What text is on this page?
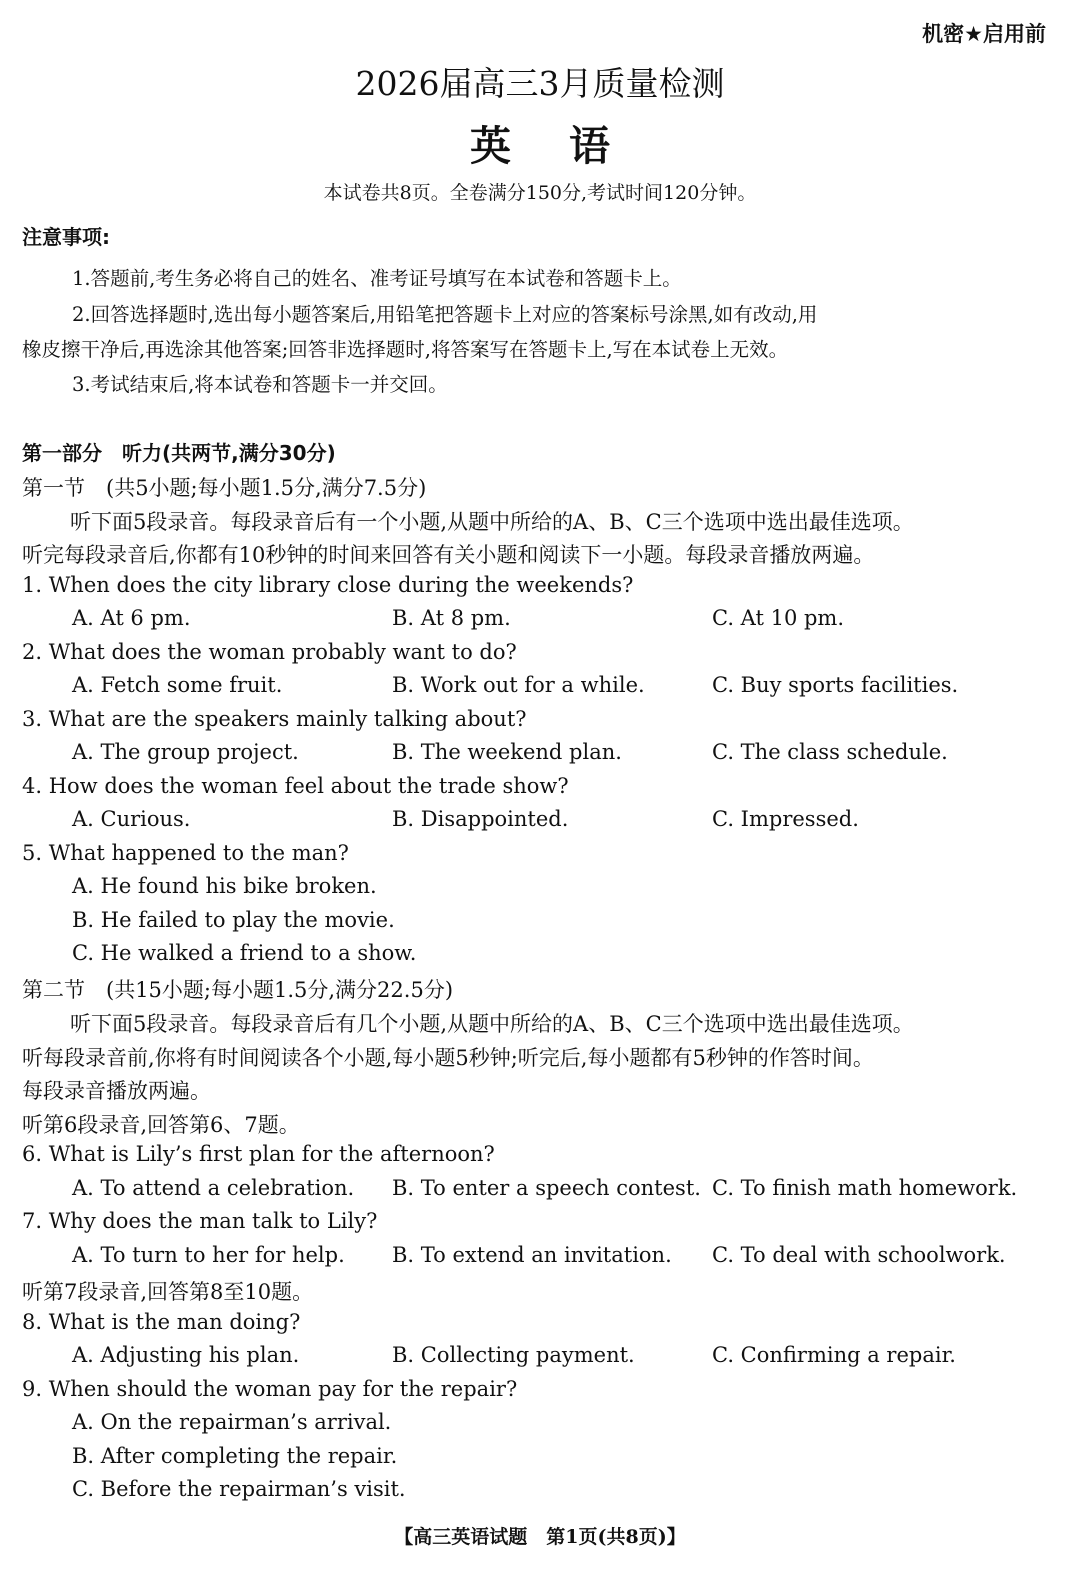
机密★启用前
2026届高三3月质量检测
英语
本试卷共8页。全卷满分150分,考试时间120分钟。
注意事项:
1.答题前,考生务必将自己的姓名、准考证号填写在本试卷和答题卡上。
2.回答选择题时,选出每小题答案后,用铅笔把答题卡上对应的答案标号涂黑,如有改动,用
橡皮擦干净后,再选涂其他答案;回答非选择题时,将答案写在答题卡上,写在本试卷上无效。
3.考试结束后,将本试卷和答题卡一并交回。
第一部分　听力(共两节,满分30分)
第一节　(共5小题;每小题1.5分,满分7.5分)
听下面5段录音。每段录音后有一个小题,从题中所给的A、B、C三个选项中选出最佳选项。
听完每段录音后,你都有10秒钟的时间来回答有关小题和阅读下一小题。每段录音播放两遍。
1. When does the city library close during the weekends?
A. At 6 pm.	B. At 8 pm.	C. At 10 pm.
2. What does the woman probably want to do?
A. Fetch some fruit.	B. Work out for a while.	C. Buy sports facilities.
3. What are the speakers mainly talking about?
A. The group project.	B. The weekend plan.	C. The class schedule.
4. How does the woman feel about the trade show?
A. Curious.	B. Disappointed.	C. Impressed.
5. What happened to the man?
A. He found his bike broken.
B. He failed to play the movie.
C. He walked a friend to a show.
第二节　(共15小题;每小题1.5分,满分22.5分)
听下面5段录音。每段录音后有几个小题,从题中所给的A、B、C三个选项中选出最佳选项。
听每段录音前,你将有时间阅读各个小题,每小题5秒钟;听完后,每小题都有5秒钟的作答时间。
每段录音播放两遍。
听第6段录音,回答第6、7题。
6. What is Lily’s first plan for the afternoon?
A. To attend a celebration. B. To enter a speech contest. C. To finish math homework.
7. Why does the man talk to Lily?
A. To turn to her for help. B. To extend an invitation. C. To deal with schoolwork.
听第7段录音,回答第8至10题。
8. What is the man doing?
A. Adjusting his plan.	B. Collecting payment.	C. Confirming a repair.
9. When should the woman pay for the repair?
A. On the repairman’s arrival.
B. After completing the repair.
C. Before the repairman’s visit.
【高三英语试题　第1页(共8页)】
